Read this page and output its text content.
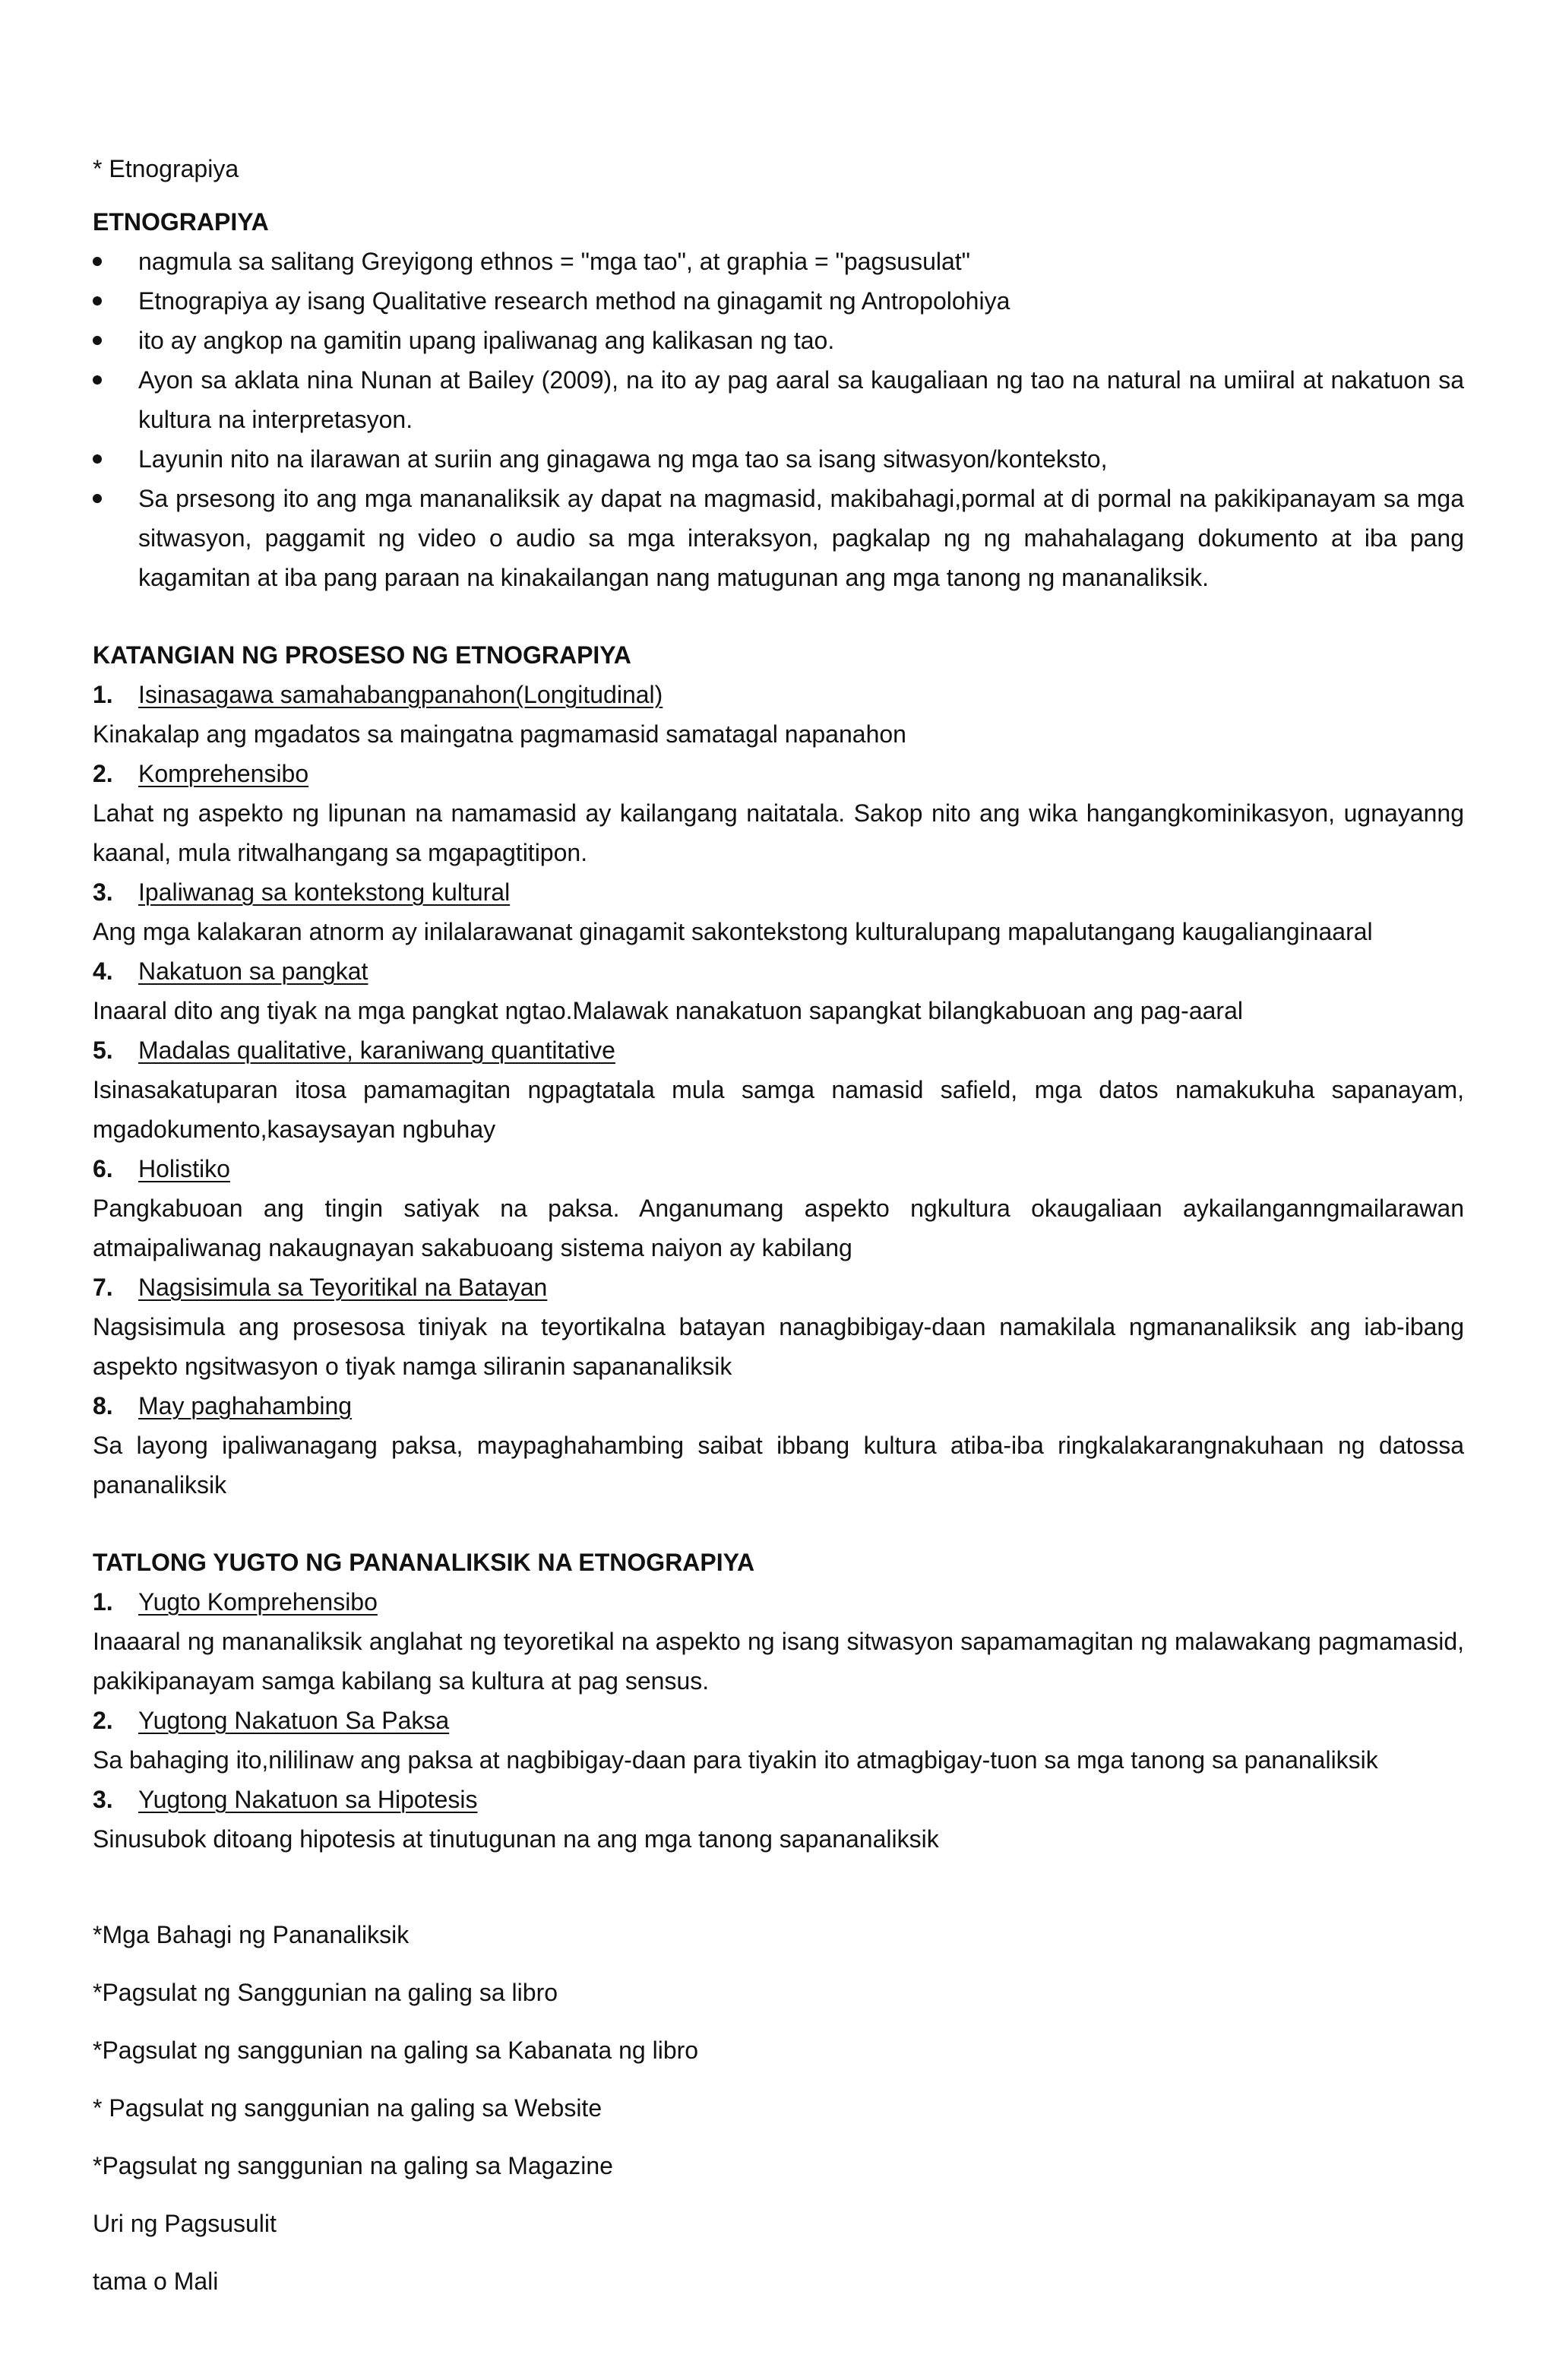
* Etnograpiya

ETNOGRAPIYA

nagmula sa salitang Greyigong ethnos = "mga tao", at graphia = "pagsusulat"
Etnograpiya ay isang Qualitative research method na ginagamit ng Antropolohiya
ito ay angkop na gamitin upang ipaliwanag ang kalikasan ng tao.
Ayon sa aklata nina Nunan at Bailey (2009), na ito ay pag aaral sa kaugaliaan ng tao na natural na umiiral at nakatuon sa kultura na interpretasyon.
Layunin nito na ilarawan at suriin ang ginagawa ng mga tao sa isang sitwasyon/konteksto,
Sa prsesong ito ang mga mananaliksik ay dapat na magmasid, makibahagi,pormal at di pormal na pakikipanayam sa mga sitwasyon, paggamit ng video o audio sa mga interaksyon, pagkalap ng ng mahahalagang dokumento at iba pang kagamitan at iba pang paraan na kinakailangan nang matugunan ang mga tanong ng mananaliksik.

KATANGIAN NG PROSESO NG ETNOGRAPIYA

1.	Isinasagawa samahabangpanahon(Longitudinal)

Kinakalap ang mgadatos sa maingatna pagmamasid samatagal napanahon

2.	Komprehensibo

Lahat ng aspekto ng lipunan na namamasid ay kailangang naitatala. Sakop nito ang wika hangangkominikasyon, ugnayanng kaanal, mula ritwalhangang sa mgapagtitipon.

3.	Ipaliwanag sa kontekstong kultural

Ang mga kalakaran atnorm ay inilalarawanat ginagamit sakontekstong kulturalupang mapalutangang kaugalianginaaral

4.	Nakatuon sa pangkat

Inaaral dito ang tiyak na mga pangkat ngtao.Malawak nanakatuon sapangkat bilangkabuoan ang pag-aaral

5.	Madalas qualitative, karaniwang quantitative

Isinasakatuparan itosa pamamagitan ngpagtatala mula samga namasid safield, mga datos namakukuha sapanayam, mgadokumento,kasaysayan ngbuhay

6.	Holistiko

Pangkabuoan ang tingin satiyak na paksa. Anganumang aspekto ngkultura okaugaliaan aykailanganngmailarawan atmaipaliwanag nakaugnayan sakabuoang sistema naiyon ay kabilang

7.	Nagsisimula sa Teyoritikal na Batayan

Nagsisimula ang prosesosa tiniyak na teyortikalna batayan nanagbibigay-daan namakilala ngmananaliksik ang iab-ibang aspekto ngsitwasyon o tiyak namga siliranin sapananaliksik

8.	May paghahambing

Sa layong ipaliwanagang paksa, maypaghahambing saibat ibbang kultura atiba-iba ringkalakarangnakuhaan ng datossa pananaliksik

TATLONG YUGTO NG PANANALIKSIK NA ETNOGRAPIYA

1.	Yugto Komprehensibo

Inaaaral ng mananaliksik anglahat ng teyoretikal na aspekto ng isang sitwasyon sapamamagitan ng malawakang pagmamasid, pakikipanayam samga kabilang sa kultura at pag sensus.

2.	Yugtong Nakatuon Sa Paksa

Sa bahaging ito,nililinaw ang paksa at nagbibigay-daan para tiyakin ito atmagbigay-tuon sa mga tanong sa pananaliksik

3.	Yugtong Nakatuon sa Hipotesis

Sinusubok ditoang hipotesis at tinutugunan na ang mga tanong sapananaliksik

*Mga Bahagi ng Pananaliksik

*Pagsulat ng Sanggunian na galing sa libro

*Pagsulat ng sanggunian na galing sa Kabanata ng libro

* Pagsulat ng sanggunian na galing sa Website

*Pagsulat ng sanggunian na galing sa Magazine

Uri ng Pagsusulit

tama o Mali
